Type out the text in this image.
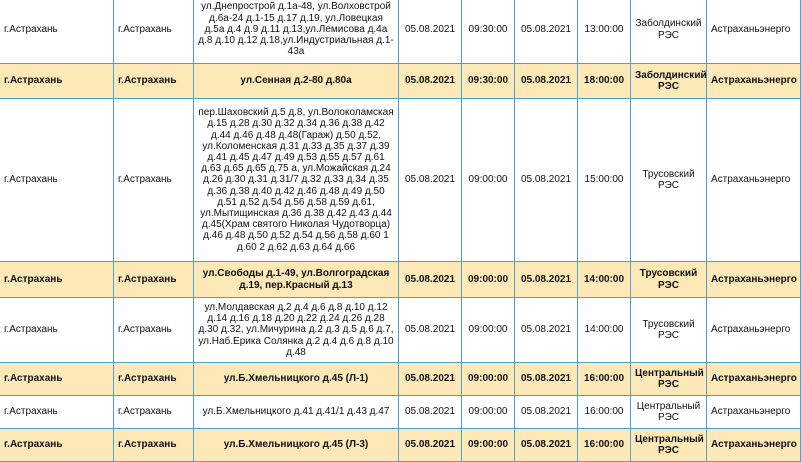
г.Астрахань	г.Астрахань	ул.Днепрострой д.1а-48, ул.Волховстрой д.6а-24 д.1-15 д.17 д.19, ул.Ловецкая д.5а д.4 д.9 д.11 д.13,ул.Лемисова д.4а д.8 д.10 д.12 д.18,ул.Индустриальная д.1-43а	05.08.2021	09:30:00	05.08.2021	13:00:00	Заболдинский РЭС	Астраханьэнерго
г.Астрахань	г.Астрахань	ул.Сенная д.2-80 д.80а	05.08.2021	09:30:00	05.08.2021	18:00:00	Заболдинский РЭС	Астраханьэнерго
г.Астрахань	г.Астрахань	пер.Шаховский д.5 д.8, ул.Волоколамская д.15 д.28 д.30 д.32 д.34 д.36 д.38 д.42 д.44 д.46 д.48 д.48(Гараж) д.50 д.52, ул.Коломенская д.31 д.33 д.35 д.37 д.39 д.41 д.45 д.47 д.49 д.53 д.55 д.57 д.61 д.63 д.65 д.65 д.75 а, ул.Можайская д.24 д.26 д.30 д.31 д.31/7 д.32 д.33 д.34 д.35 д.36 д.38 д.40 д.42 д.46 д.48 д.49 д.50 д.51 д.52 д.54 д.56 д.58 д.59 д.61, ул.Мытищинская д.36 д.38 д.42 д.43 д.44 д.45(Храм святого Николая Чудотворца) д.46 д.48 д.50 д.52 д.54 д.56 д.58 д.60 1 д.60 2 д.62 д.63 д.64 д.66	05.08.2021	09:00:00	05.08.2021	15:00:00	Трусовский РЭС	Астраханьэнерго
г.Астрахань	г.Астрахань	ул.Свободы д.1-49, ул.Волгоградская д.19, пер.Красный д.13	05.08.2021	09:00:00	05.08.2021	14:00:00	Трусовский РЭС	Астраханьэнерго
г.Астрахань	г.Астрахань	ул.Молдавская д.2 д.4 д.6 д.8 д.10 д.12 д.14 д.16 д.18 д.20 д.22 д.24 д.26 д.28 д.30 д.32, ул.Мичурина д.2 д.3 д.5 д.6 д.7, ул.Наб.Ерика Солянка д.2 д.4 д.6 д.8 д.10 д.48	05.08.2021	09:00:00	05.08.2021	14:00:00	Трусовский РЭС	Астраханьэнерго
г.Астрахань	г.Астрахань	ул.Б.Хмельницкого д.45 (Л-1)	05.08.2021	09:00:00	05.08.2021	16:00:00	Центральный РЭС	Астраханьэнерго
г.Астрахань	г.Астрахань	ул.Б.Хмельницкого д.41 д.41/1 д.43 д.47	05.08.2021	09:00:00	05.08.2021	16:00:00	Центральный РЭС	Астраханьэнерго
г.Астрахань	г.Астрахань	ул.Б.Хмельницкого д.45 (Л-3)	05.08.2021	09:00:00	05.08.2021	16:00:00	Центральный РЭС	Астраханьэнерго
